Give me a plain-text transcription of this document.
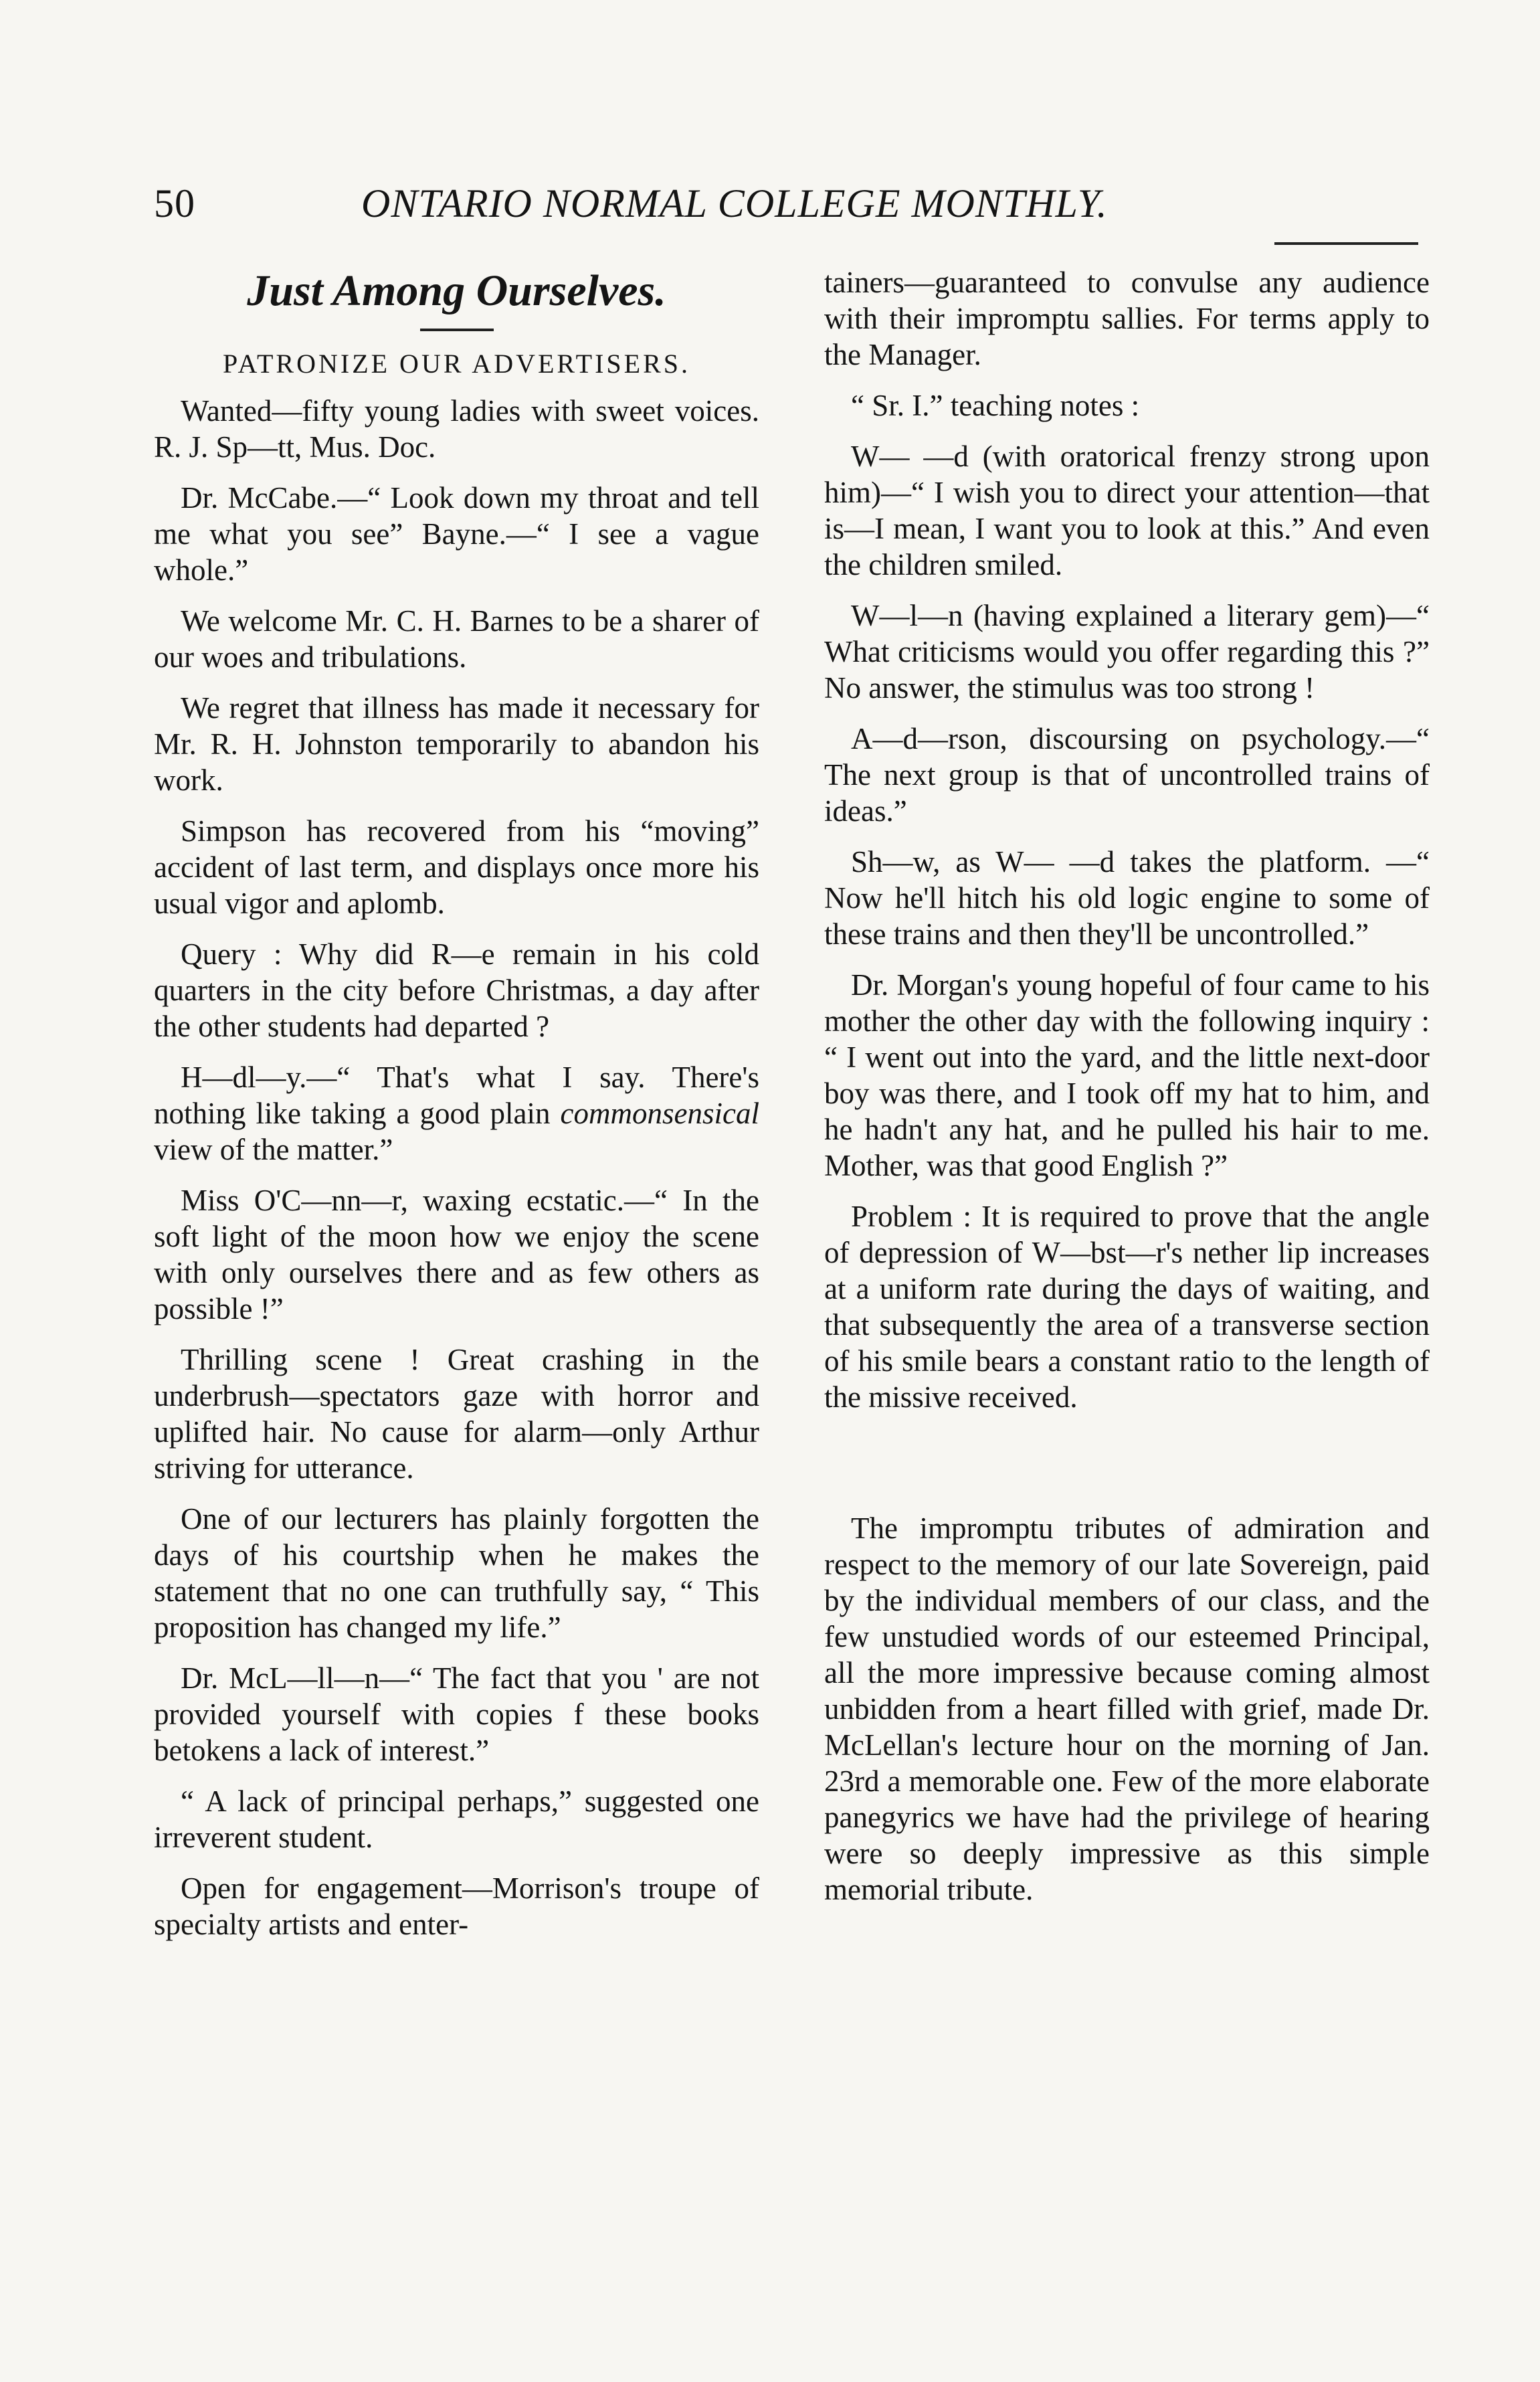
50	ONTARIO NORMAL COLLEGE MONTHLY.
Just Among Ourselves.

PATRONIZE OUR ADVERTISERS.

Wanted—fifty young ladies with sweet voices. R. J. Sp—tt, Mus. Doc.

Dr. McCabe.—“ Look down my throat and tell me what you see” Bayne.—“ I see a vague whole.”

We welcome Mr. C. H. Barnes to be a sharer of our woes and tribulations.

We regret that illness has made it necessary for Mr. R. H. Johnston temporarily to abandon his work.

Simpson has recovered from his “moving” accident of last term, and displays once more his usual vigor and aplomb.

Query : Why did R—e remain in his cold quarters in the city before Christmas, a day after the other students had departed ?

H—dl—y.—“ That's what I say. There's nothing like taking a good plain commonsensical view of the matter.”

Miss O'C—nn—r, waxing ecstatic.—“ In the soft light of the moon how we enjoy the scene with only ourselves there and as few others as possible !”

Thrilling scene ! Great crashing in the underbrush—spectators gaze with horror and uplifted hair. No cause for alarm—only Arthur striving for utterance.

One of our lecturers has plainly forgotten the days of his courtship when he makes the statement that no one can truthfully say, “ This proposition has changed my life.”

Dr. McL—ll—n—“ The fact that you ' are not provided yourself with copies f these books betokens a lack of interest.”

“ A lack of principal perhaps,” suggested one irreverent student.

Open for engagement—Morrison's troupe of specialty artists and enter-

tainers—guaranteed to convulse any audience with their impromptu sallies. For terms apply to the Manager.

“ Sr. I.” teaching notes :

W— —d (with oratorical frenzy strong upon him)—“ I wish you to direct your attention—that is—I mean, I want you to look at this.” And even the children smiled.

W—l—n (having explained a literary gem)—“ What criticisms would you offer regarding this ?” No answer, the stimulus was too strong !

A—d—rson, discoursing on psychology.—“ The next group is that of uncontrolled trains of ideas.”

Sh—w, as W— —d takes the platform. —“ Now he'll hitch his old logic engine to some of these trains and then they'll be uncontrolled.”

Dr. Morgan's young hopeful of four came to his mother the other day with the following inquiry : “ I went out into the yard, and the little next-door boy was there, and I took off my hat to him, and he hadn't any hat, and he pulled his hair to me. Mother, was that good English ?”

Problem : It is required to prove that the angle of depression of W—bst—r's nether lip increases at a uniform rate during the days of waiting, and that subsequently the area of a transverse section of his smile bears a constant ratio to the length of the missive received.

The impromptu tributes of admiration and respect to the memory of our late Sovereign, paid by the individual members of our class, and the few unstudied words of our esteemed Principal, all the more impressive because coming almost unbidden from a heart filled with grief, made Dr. McLellan's lecture hour on the morning of Jan. 23rd a memorable one. Few of the more elaborate panegyrics we have had the privilege of hearing were so deeply impressive as this simple memorial tribute.
